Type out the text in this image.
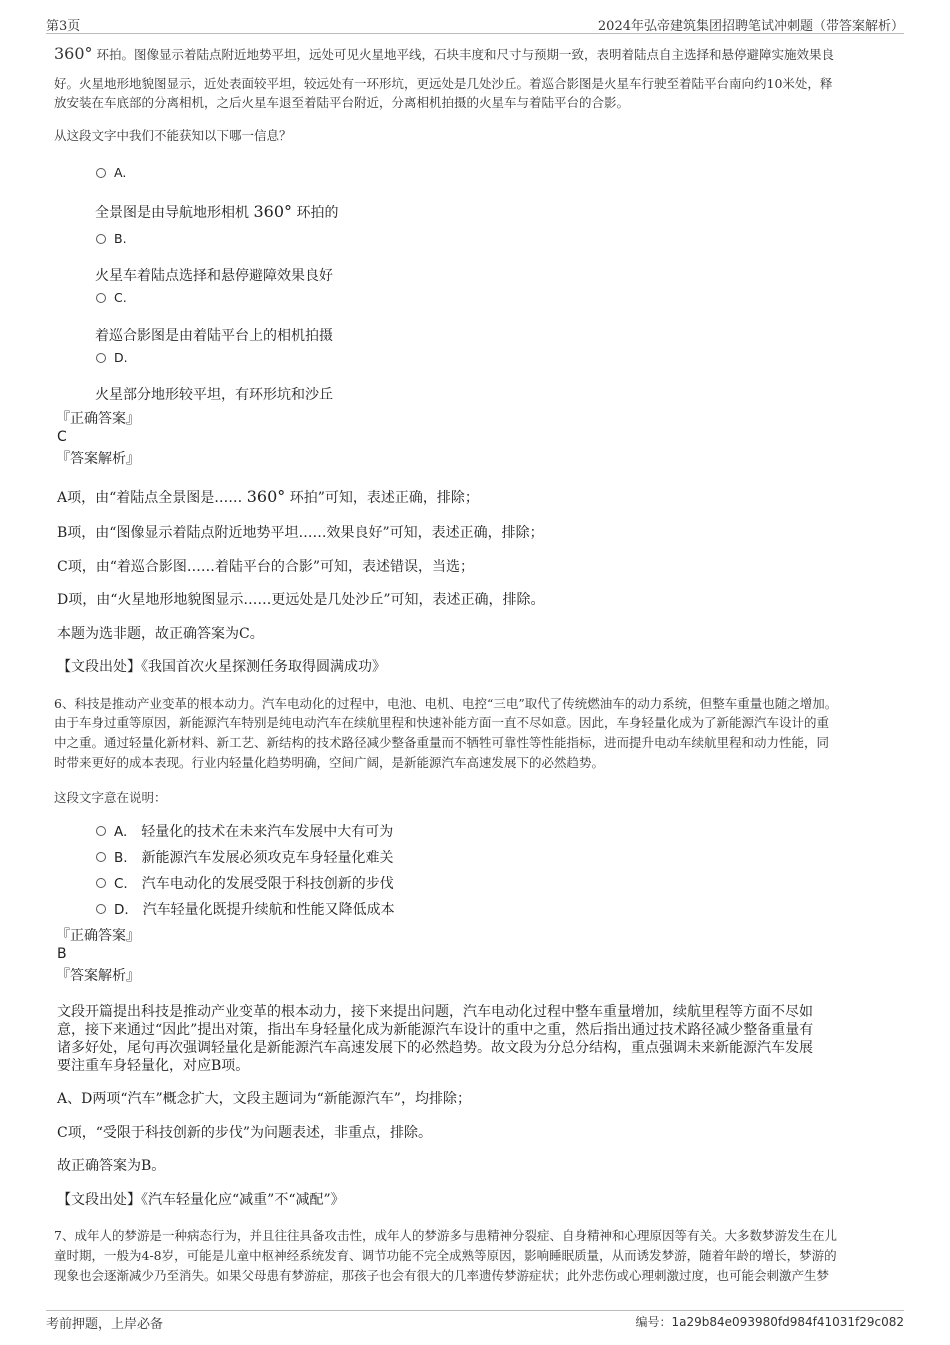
第3页	2024年弘帝建筑集团招聘笔试冲刺题（带答案解析）
360° 环拍。图像显示着陆点附近地势平坦，远处可见火星地平线，石块丰度和尺寸与预期一致，表明着陆点自主选择和悬停避障实施效果良
好。火星地形地貌图显示，近处表面较平坦，较远处有一环形坑，更远处是几处沙丘。着巡合影图是火星车行驶至着陆平台南向约10米处，释
放安装在车底部的分离相机，之后火星车退至着陆平台附近，分离相机拍摄的火星车与着陆平台的合影。
从这段文字中我们不能获知以下哪一信息？
A.
全景图是由导航地形相机 360° 环拍的
B.
火星车着陆点选择和悬停避障效果良好
C.
着巡合影图是由着陆平台上的相机拍摄
D.
火星部分地形较平坦，有环形坑和沙丘
『正确答案』
C
『答案解析』
A项，由“着陆点全景图是…… 360° 环拍”可知，表述正确，排除；
B项，由“图像显示着陆点附近地势平坦……效果良好”可知，表述正确，排除；
C项，由“着巡合影图……着陆平台的合影”可知，表述错误，当选；
D项，由“火星地形地貌图显示……更远处是几处沙丘”可知，表述正确，排除。
本题为选非题，故正确答案为C。
【文段出处】《我国首次火星探测任务取得圆满成功》
6、科技是推动产业变革的根本动力。汽车电动化的过程中，电池、电机、电控“三电”取代了传统燃油车的动力系统，但整车重量也随之增加。
由于车身过重等原因，新能源汽车特别是纯电动汽车在续航里程和快速补能方面一直不尽如意。因此，车身轻量化成为了新能源汽车设计的重
中之重。通过轻量化新材料、新工艺、新结构的技术路径减少整备重量而不牺牲可靠性等性能指标，进而提升电动车续航里程和动力性能，同
时带来更好的成本表现。行业内轻量化趋势明确，空间广阔，是新能源汽车高速发展下的必然趋势。
这段文字意在说明：
A. 轻量化的技术在未来汽车发展中大有可为
B. 新能源汽车发展必须攻克车身轻量化难关
C. 汽车电动化的发展受限于科技创新的步伐
D. 汽车轻量化既提升续航和性能又降低成本
『正确答案』
B
『答案解析』
文段开篇提出科技是推动产业变革的根本动力，接下来提出问题，汽车电动化过程中整车重量增加，续航里程等方面不尽如
意，接下来通过“因此”提出对策，指出车身轻量化成为新能源汽车设计的重中之重，然后指出通过技术路径减少整备重量有
诸多好处，尾句再次强调轻量化是新能源汽车高速发展下的必然趋势。故文段为分总分结构，重点强调未来新能源汽车发展
要注重车身轻量化，对应B项。
A、D两项“汽车”概念扩大，文段主题词为“新能源汽车”，均排除；
C项，“受限于科技创新的步伐”为问题表述，非重点，排除。
故正确答案为B。
【文段出处】《汽车轻量化应“减重”不“减配”》
7、成年人的梦游是一种病态行为，并且往往具备攻击性，成年人的梦游多与患精神分裂症、自身精神和心理原因等有关。大多数梦游发生在儿
童时期，一般为4-8岁，可能是儿童中枢神经系统发育、调节功能不完全成熟等原因，影响睡眠质量，从而诱发梦游，随着年龄的增长，梦游的
现象也会逐渐减少乃至消失。如果父母患有梦游症，那孩子也会有很大的几率遗传梦游症状；此外悲伤或心理刺激过度，也可能会刺激产生梦
考前押题，上岸必备	编号：1a29b84e093980fd984f41031f29c082
